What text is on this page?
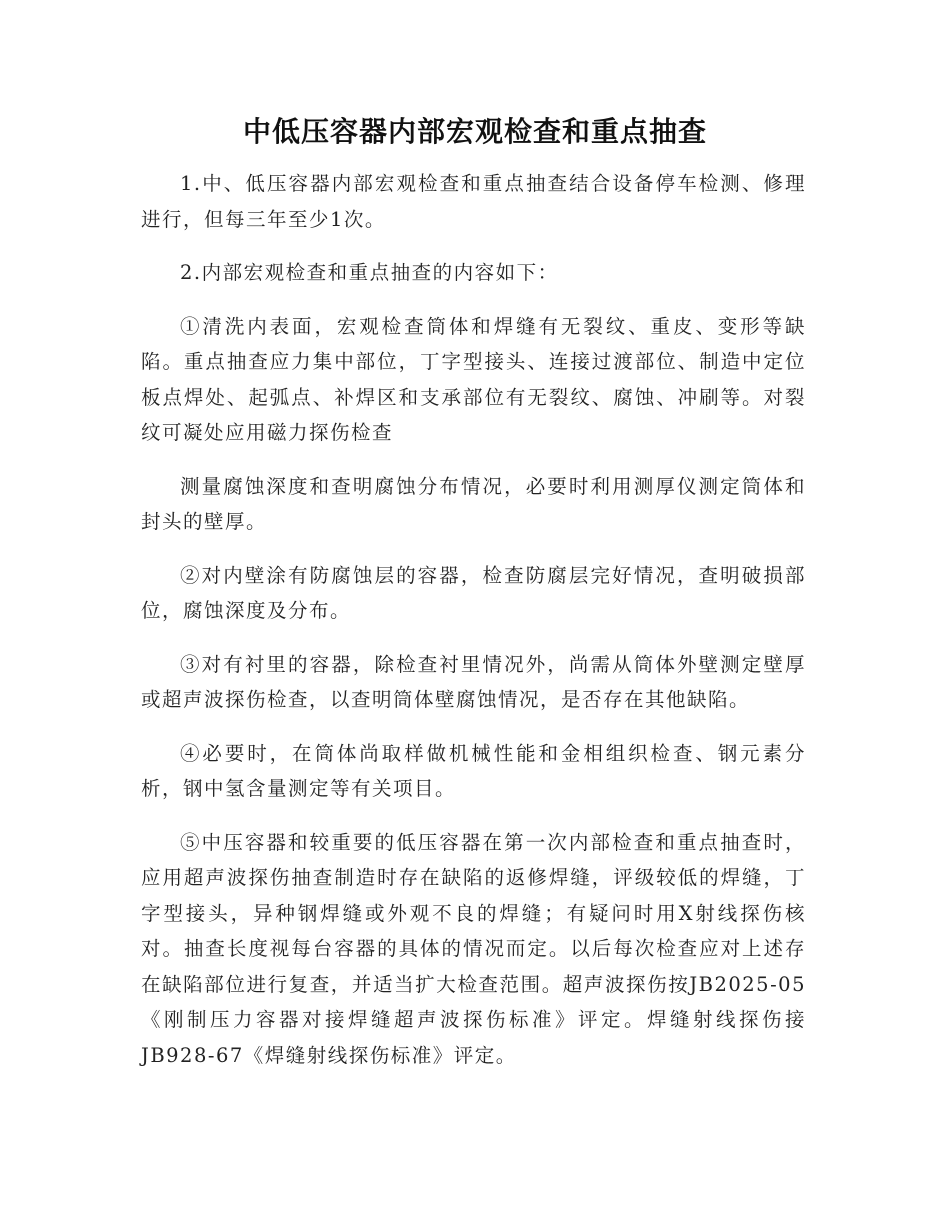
中低压容器内部宏观检查和重点抽查

1.中、低压容器内部宏观检查和重点抽查结合设备停车检测、修理进行，但每三年至少1次。

2.内部宏观检查和重点抽查的内容如下：

①清洗内表面，宏观检查筒体和焊缝有无裂纹、重皮、变形等缺陷。重点抽查应力集中部位，丁字型接头、连接过渡部位、制造中定位板点焊处、起弧点、补焊区和支承部位有无裂纹、腐蚀、冲刷等。对裂纹可凝处应用磁力探伤检查

测量腐蚀深度和查明腐蚀分布情况，必要时利用测厚仪测定筒体和封头的壁厚。

②对内壁涂有防腐蚀层的容器，检查防腐层完好情况，查明破损部位，腐蚀深度及分布。

③对有衬里的容器，除检查衬里情况外，尚需从筒体外壁测定壁厚或超声波探伤检查，以查明筒体壁腐蚀情况，是否存在其他缺陷。

④必要时，在筒体尚取样做机械性能和金相组织检查、钢元素分析，钢中氢含量测定等有关项目。

⑤中压容器和较重要的低压容器在第一次内部检查和重点抽查时，应用超声波探伤抽查制造时存在缺陷的返修焊缝，评级较低的焊缝，丁字型接头，异种钢焊缝或外观不良的焊缝；有疑问时用X射线探伤核对。抽查长度视每台容器的具体的情况而定。以后每次检查应对上述存在缺陷部位进行复查，并适当扩大检查范围。超声波探伤按JB2025-05《刚制压力容器对接焊缝超声波探伤标准》评定。焊缝射线探伤接JB928-67《焊缝射线探伤标准》评定。
